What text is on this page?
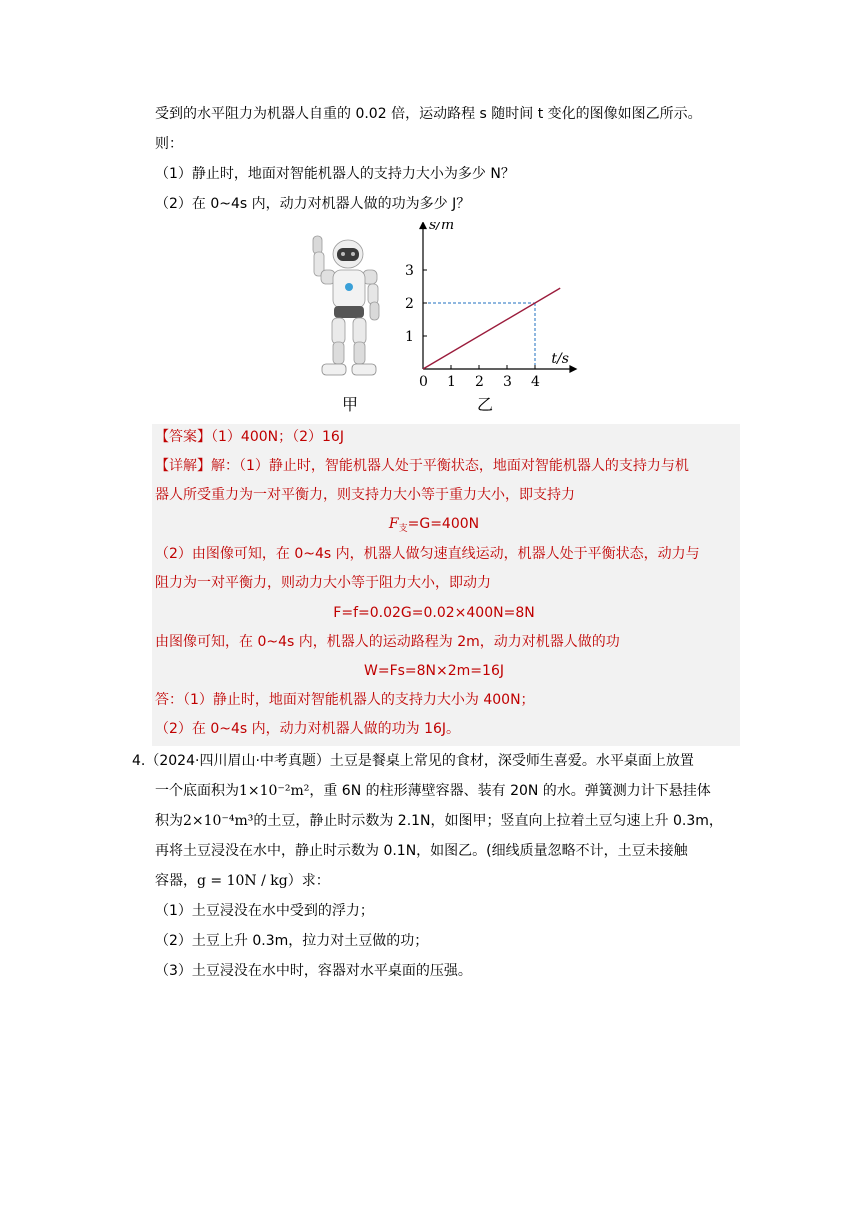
受到的水平阻力为机器人自重的 0.02 倍，运动路程 s 随时间 t 变化的图像如图乙所示。
则：
（1）静止时，地面对智能机器人的支持力大小为多少 N？
（2）在 0~4s 内，动力对机器人做的功为多少 J？
甲
s/m
t/s
0 1 2 3 4
1
2
3
乙
【答案】（1）400N；（2）16J
【详解】解：（1）静止时，智能机器人处于平衡状态，地面对智能机器人的支持力与机
器人所受重力为一对平衡力，则支持力大小等于重力大小，即支持力
$F_支=G=400N$
（2）由图像可知，在 0~4s 内，机器人做匀速直线运动，机器人处于平衡状态，动力与
阻力为一对平衡力，则动力大小等于阻力大小，即动力
F=f=0.02G=0.02×400N=8N
由图像可知，在 0~4s 内，机器人的运动路程为 2m，动力对机器人做的功
W=Fs=8N×2m=16J
答：（1）静止时，地面对智能机器人的支持力大小为 400N；
（2）在 0~4s 内，动力对机器人做的功为 16J。
4.（2024·四川眉山·中考真题）土豆是餐桌上常见的食材，深受师生喜爱。水平桌面上放置
一个底面积为1×10⁻²m²，重 6N 的柱形薄壁容器、装有 20N 的水。弹簧测力计下悬挂体
积为2×10⁻⁴m³的土豆，静止时示数为 2.1N，如图甲；竖直向上拉着土豆匀速上升 0.3m，
再将土豆浸没在水中，静止时示数为 0.1N，如图乙。(细线质量忽略不计，土豆未接触
容器，g = 10N / kg）求：
（1）土豆浸没在水中受到的浮力；
（2）土豆上升 0.3m，拉力对土豆做的功；
（3）土豆浸没在水中时，容器对水平桌面的压强。
